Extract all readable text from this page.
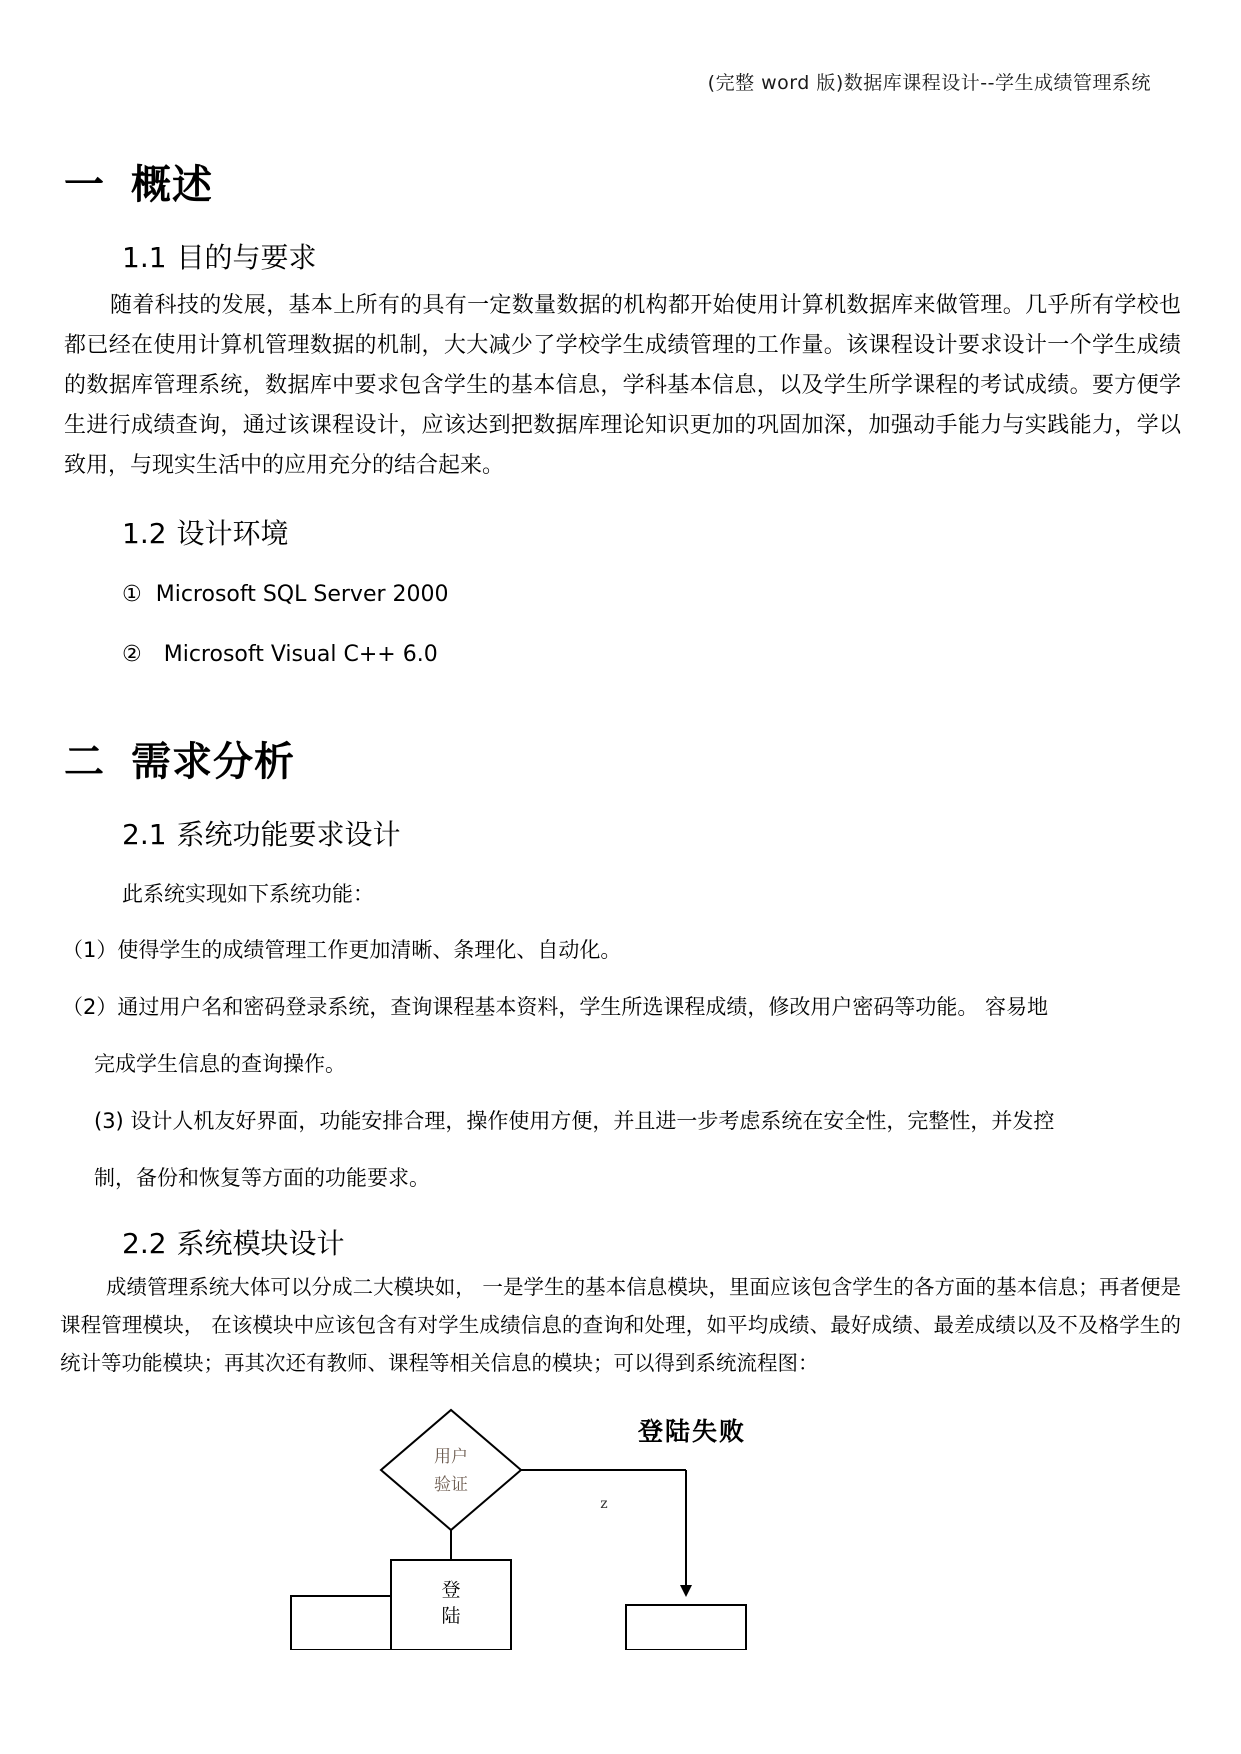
(完整 word 版)数据库课程设计--学生成绩管理系统
一 概述
1.1 目的与要求

随着科技的发展，基本上所有的具有一定数量数据的机构都开始使用计算机数据库来做管理。几乎所有学校也都已经在使用计算机管理数据的机制，大大减少了学校学生成绩管理的工作量。该课程设计要求设计一个学生成绩的数据库管理系统，数据库中要求包含学生的基本信息，学科基本信息，以及学生所学课程的考试成绩。要方便学生进行成绩查询，通过该课程设计，应该达到把数据库理论知识更加的巩固加深，加强动手能力与实践能力，学以致用，与现实生活中的应用充分的结合起来。

1.2 设计环境
① Microsoft SQL Server 2000
② Microsoft Visual C++ 6.0
二 需求分析
2.1 系统功能要求设计

此系统实现如下系统功能：

（1）使得学生的成绩管理工作更加清晰、条理化、自动化。

（2）通过用户名和密码登录系统，查询课程基本资料，学生所选课程成绩，修改用户密码等功能。 容易地

完成学生信息的查询操作。

(3) 设计人机友好界面，功能安排合理，操作使用方便，并且进一步考虑系统在安全性，完整性，并发控

制，备份和恢复等方面的功能要求。

2.2 系统模块设计

成绩管理系统大体可以分成二大模块如， 一是学生的基本信息模块，里面应该包含学生的各方面的基本信息；再者便是课程管理模块， 在该模块中应该包含有对学生成绩信息的查询和处理，如平均成绩、最好成绩、最差成绩以及不及格学生的统计等功能模块；再其次还有教师、课程等相关信息的模块；可以得到系统流程图：

登陆失败
用户
验证
z
登
陆
